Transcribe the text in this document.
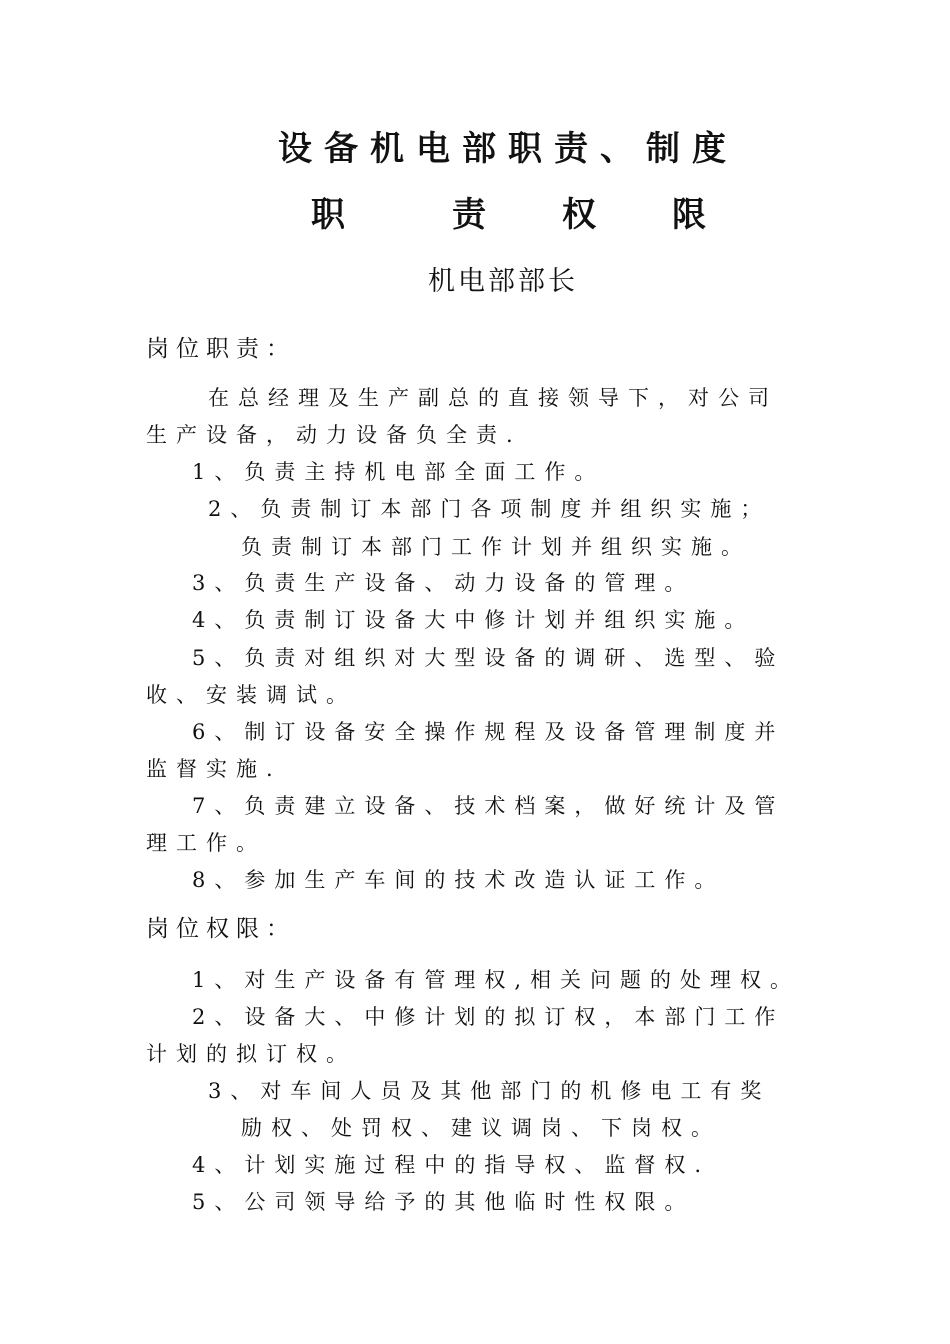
设备机电部职责、制度
职	责 权 限
机电部部长
岗位职责：
在总经理及生产副总的直接领导下，对公司
生产设备，动力设备负全责.
1、负责主持机电部全面工作。
2、负责制订本部门各项制度并组织实施；
负责制订本部门工作计划并组织实施。
3、负责生产设备、动力设备的管理。
4、负责制订设备大中修计划并组织实施。
5、负责对组织对大型设备的调研、选型、验
收、安装调试。
6、制订设备安全操作规程及设备管理制度并
监督实施.
7、负责建立设备、技术档案，做好统计及管
理工作。
8、参加生产车间的技术改造认证工作。
岗位权限：
1、对生产设备有管理权,相关问题的处理权。
2、设备大、中修计划的拟订权，本部门工作
计划的拟订权。
3、对车间人员及其他部门的机修电工有奖
励权、处罚权、建议调岗、下岗权。
4、计划实施过程中的指导权、监督权.
5、公司领导给予的其他临时性权限。
